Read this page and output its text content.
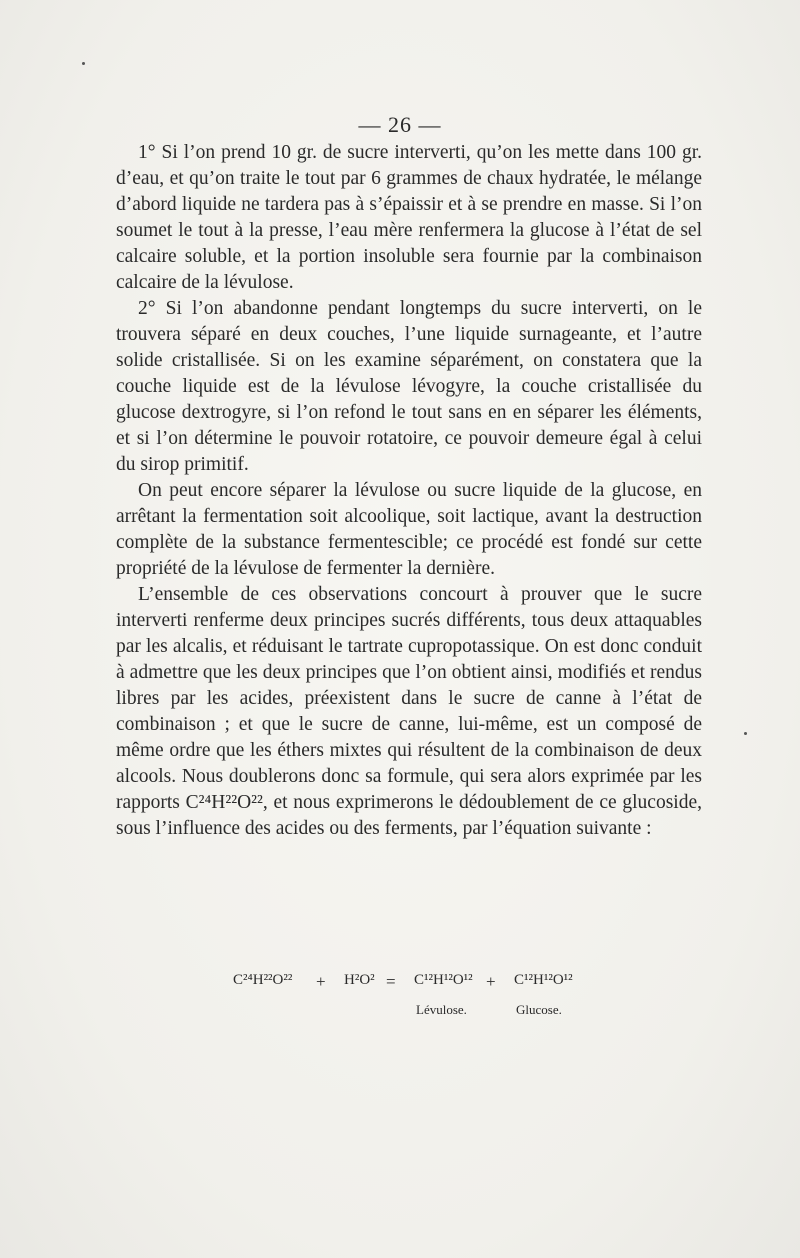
— 26 —

1° Si l’on prend 10 gr. de sucre interverti, qu’on les mette dans 100 gr. d’eau, et qu’on traite le tout par 6 grammes de chaux hydratée, le mélange d’abord liquide ne tardera pas à s’épaissir et à se prendre en masse. Si l’on soumet le tout à la presse, l’eau mère renfermera la glucose à l’état de sel calcaire soluble, et la portion insoluble sera fournie par la combinaison calcaire de la lévulose.

2° Si l’on abandonne pendant longtemps du sucre interverti, on le trouvera séparé en deux couches, l’une liquide surnageante, et l’autre solide cristallisée. Si on les examine séparément, on constatera que la couche liquide est de la lévulose lévogyre, la couche cristallisée du glucose dextrogyre, si l’on refond le tout sans en en séparer les éléments, et si l’on détermine le pouvoir rotatoire, ce pouvoir demeure égal à celui du sirop primitif.

On peut encore séparer la lévulose ou sucre liquide de la glucose, en arrêtant la fermentation soit alcoolique, soit lactique, avant la destruction complète de la substance fermentescible; ce procédé est fondé sur cette propriété de la lévulose de fermenter la dernière.

L’ensemble de ces observations concourt à prouver que le sucre interverti renferme deux principes sucrés différents, tous deux attaquables par les alcalis, et réduisant le tartrate cupropotassique. On est donc conduit à admettre que les deux principes que l’on obtient ainsi, modifiés et rendus libres par les acides, préexistent dans le sucre de canne à l’état de combinaison ; et que le sucre de canne, lui-même, est un composé de même ordre que les éthers mixtes qui résultent de la combinaison de deux alcools. Nous doublerons donc sa formule, qui sera alors exprimée par les rapports C²⁴H²²O²², et nous exprimerons le dédoublement de ce glucoside, sous l’influence des acides ou des ferments, par l’équation suivante :

C²⁴H²²O²² + H²O² = C¹²H¹²O¹² + C¹²H¹²O¹²
Lévulose.	Glucose.
